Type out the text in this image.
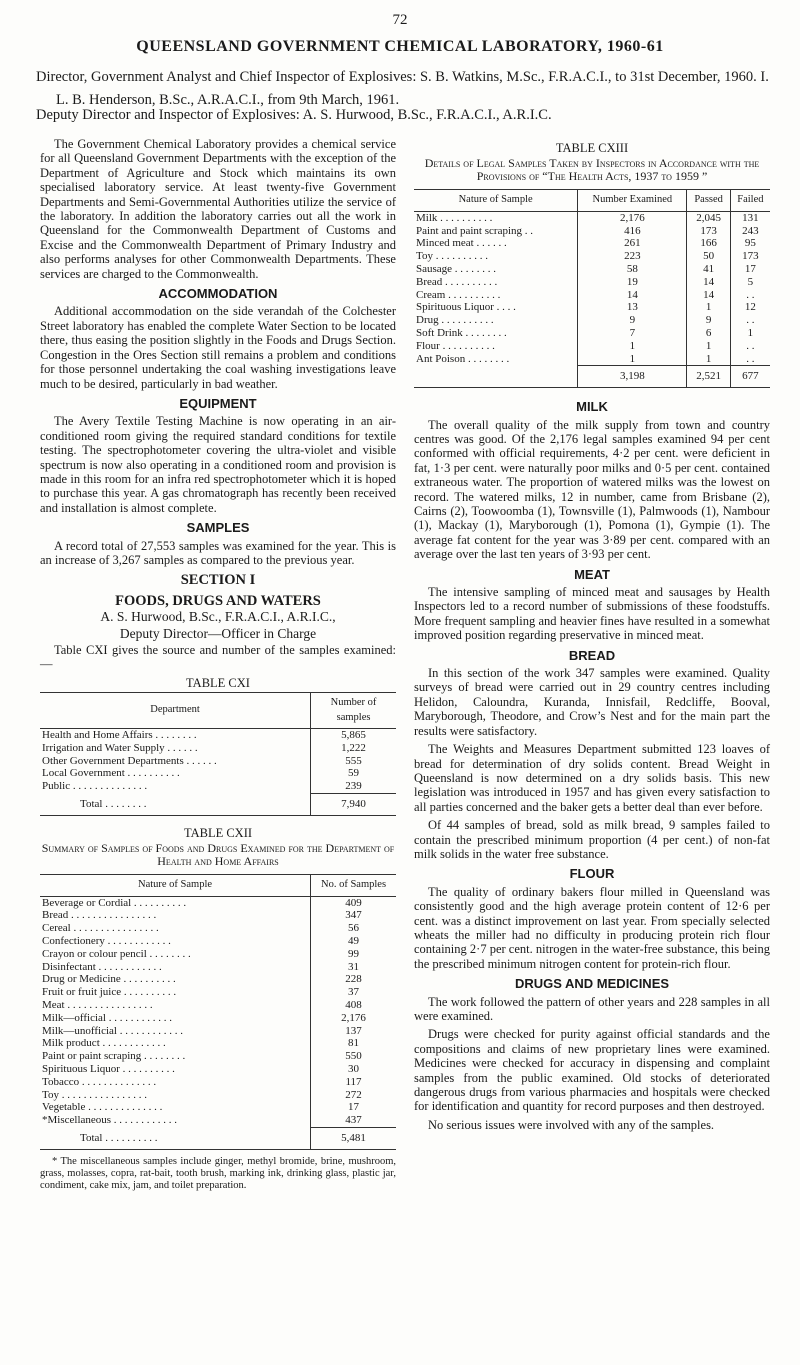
72
QUEENSLAND GOVERNMENT CHEMICAL LABORATORY, 1960-61

Director, Government Analyst and Chief Inspector of Explosives: S. B. Watkins, M.Sc., F.R.A.C.I., to 31st December, 1960. I. L. B. Henderson, B.Sc., A.R.A.C.I., from 9th March, 1961.

Deputy Director and Inspector of Explosives: A. S. Hurwood, B.Sc., F.R.A.C.I., A.R.I.C.

The Government Chemical Laboratory provides a chemical service for all Queensland Government Departments with the exception of the Department of Agriculture and Stock which maintains its own specialised laboratory service. At least twenty-five Government Departments and Semi-Governmental Authorities utilize the service of the laboratory. In addition the laboratory carries out all the work in Queensland for the Commonwealth Department of Customs and Excise and the Commonwealth Department of Primary Industry and also performs analyses for other Commonwealth Departments. These services are charged to the Commonwealth.

ACCOMMODATION

Additional accommodation on the side verandah of the Colchester Street laboratory has enabled the complete Water Section to be located there, thus easing the position slightly in the Foods and Drugs Section. Congestion in the Ores Section still remains a problem and conditions for those personnel undertaking the coal washing investigations leave much to be desired, particularly in bad weather.

EQUIPMENT

The Avery Textile Testing Machine is now operating in an air-conditioned room giving the required standard conditions for textile testing. The spectrophotometer covering the ultra-violet and visible spectrum is now also operating in a conditioned room and provision is made in this room for an infra red spectrophotometer which it is hoped to purchase this year. A gas chromatograph has recently been received and installation is almost complete.

SAMPLES

A record total of 27,553 samples was examined for the year. This is an increase of 3,267 samples as compared to the previous year.

SECTION I
FOODS, DRUGS AND WATERS
A. S. Hurwood, B.Sc., F.R.A.C.I., A.R.I.C.,
Deputy Director—Officer in Charge

Table CXI gives the source and number of the samples examined: —

TABLE CXI
Department	Number of samples
Health and Home Affairs . . . . . . . .	5,865
Irrigation and Water Supply . . . . . .	1,222
Other Government Departments . . . . . .	555
Local Government . . . . . . . . . .	59
Public . . . . . . . . . . . . . .	239
Total . . . . . . . .	7,940
TABLE CXII
Summary of Samples of Foods and Drugs Examined for the Department of Health and Home Affairs
Nature of Sample	No. of Samples
Beverage or Cordial . . . . . . . . . .	409
Bread . . . . . . . . . . . . . . . .	347
Cereal . . . . . . . . . . . . . . . .	56
Confectionery . . . . . . . . . . . .	49
Crayon or colour pencil . . . . . . . .	99
Disinfectant . . . . . . . . . . . .	31
Drug or Medicine . . . . . . . . . .	228
Fruit or fruit juice . . . . . . . . . .	37
Meat . . . . . . . . . . . . . . . .	408
Milk—official . . . . . . . . . . . .	2,176
Milk—unofficial . . . . . . . . . . . .	137
Milk product . . . . . . . . . . . .	81
Paint or paint scraping . . . . . . . .	550
Spirituous Liquor . . . . . . . . . .	30
Tobacco . . . . . . . . . . . . . .	117
Toy . . . . . . . . . . . . . . . .	272
Vegetable . . . . . . . . . . . . . .	17
*Miscellaneous . . . . . . . . . . . .	437
Total . . . . . . . . . .	5,481
* The miscellaneous samples include ginger, methyl bromide, brine, mushroom, grass, molasses, copra, rat-bait, tooth brush, marking ink, drinking glass, plastic jar, condiment, cake mix, jam, and toilet preparation.
TABLE CXIII
Details of Legal Samples Taken by Inspectors in Accordance with the Provisions of “The Health Acts, 1937 to 1959 ”
Nature of Sample	Number Examined	Passed	Failed
Milk . . . . . . . . . .	2,176	2,045	131
Paint and paint scraping . .	416	173	243
Minced meat . . . . . .	261	166	95
Toy . . . . . . . . . .	223	50	173
Sausage . . . . . . . .	58	41	17
Bread . . . . . . . . . .	19	14	5
Cream . . . . . . . . . .	14	14	. .
Spirituous Liquor . . . .	13	1	12
Drug . . . . . . . . . .	9	9	. .
Soft Drink . . . . . . . .	7	6	1
Flour . . . . . . . . . .	1	1	. .
Ant Poison . . . . . . . .	1	1	. .
	3,198	2,521	677
MILK

The overall quality of the milk supply from town and country centres was good. Of the 2,176 legal samples examined 94 per cent conformed with official requirements, 4·2 per cent. were deficient in fat, 1·3 per cent. were naturally poor milks and 0·5 per cent. contained extraneous water. The proportion of watered milks was the lowest on record. The watered milks, 12 in number, came from Brisbane (2), Cairns (2), Toowoomba (1), Townsville (1), Palmwoods (1), Nambour (1), Mackay (1), Maryborough (1), Pomona (1), Gympie (1). The average fat content for the year was 3·89 per cent. compared with an average over the last ten years of 3·93 per cent.

MEAT

The intensive sampling of minced meat and sausages by Health Inspectors led to a record number of submissions of these foodstuffs. More frequent sampling and heavier fines have resulted in a somewhat improved position regarding preservative in minced meat.

BREAD

In this section of the work 347 samples were examined. Quality surveys of bread were carried out in 29 country centres including Helidon, Caloundra, Kuranda, Innisfail, Redcliffe, Booval, Maryborough, Theodore, and Crow’s Nest and for the main part the results were satisfactory.

The Weights and Measures Department submitted 123 loaves of bread for determination of dry solids content. Bread Weight in Queensland is now determined on a dry solids basis. This new legislation was introduced in 1957 and has given every satisfaction to all parties concerned and the baker gets a better deal than ever before.

Of 44 samples of bread, sold as milk bread, 9 samples failed to contain the prescribed minimum proportion (4 per cent.) of non-fat milk solids in the water free substance.

FLOUR

The quality of ordinary bakers flour milled in Queensland was consistently good and the high average protein content of 12·6 per cent. was a distinct improvement on last year. From specially selected wheats the miller had no difficulty in producing protein rich flour containing 2·7 per cent. nitrogen in the water-free substance, this being the prescribed minimum nitrogen content for protein-rich flour.

DRUGS AND MEDICINES

The work followed the pattern of other years and 228 samples in all were examined.

Drugs were checked for purity against official standards and the compositions and claims of new proprietary lines were examined. Medicines were checked for accuracy in dispensing and complaint samples from the public examined. Old stocks of deteriorated dangerous drugs from various pharmacies and hospitals were checked for identification and quantity for record purposes and then destroyed.

No serious issues were involved with any of the samples.
